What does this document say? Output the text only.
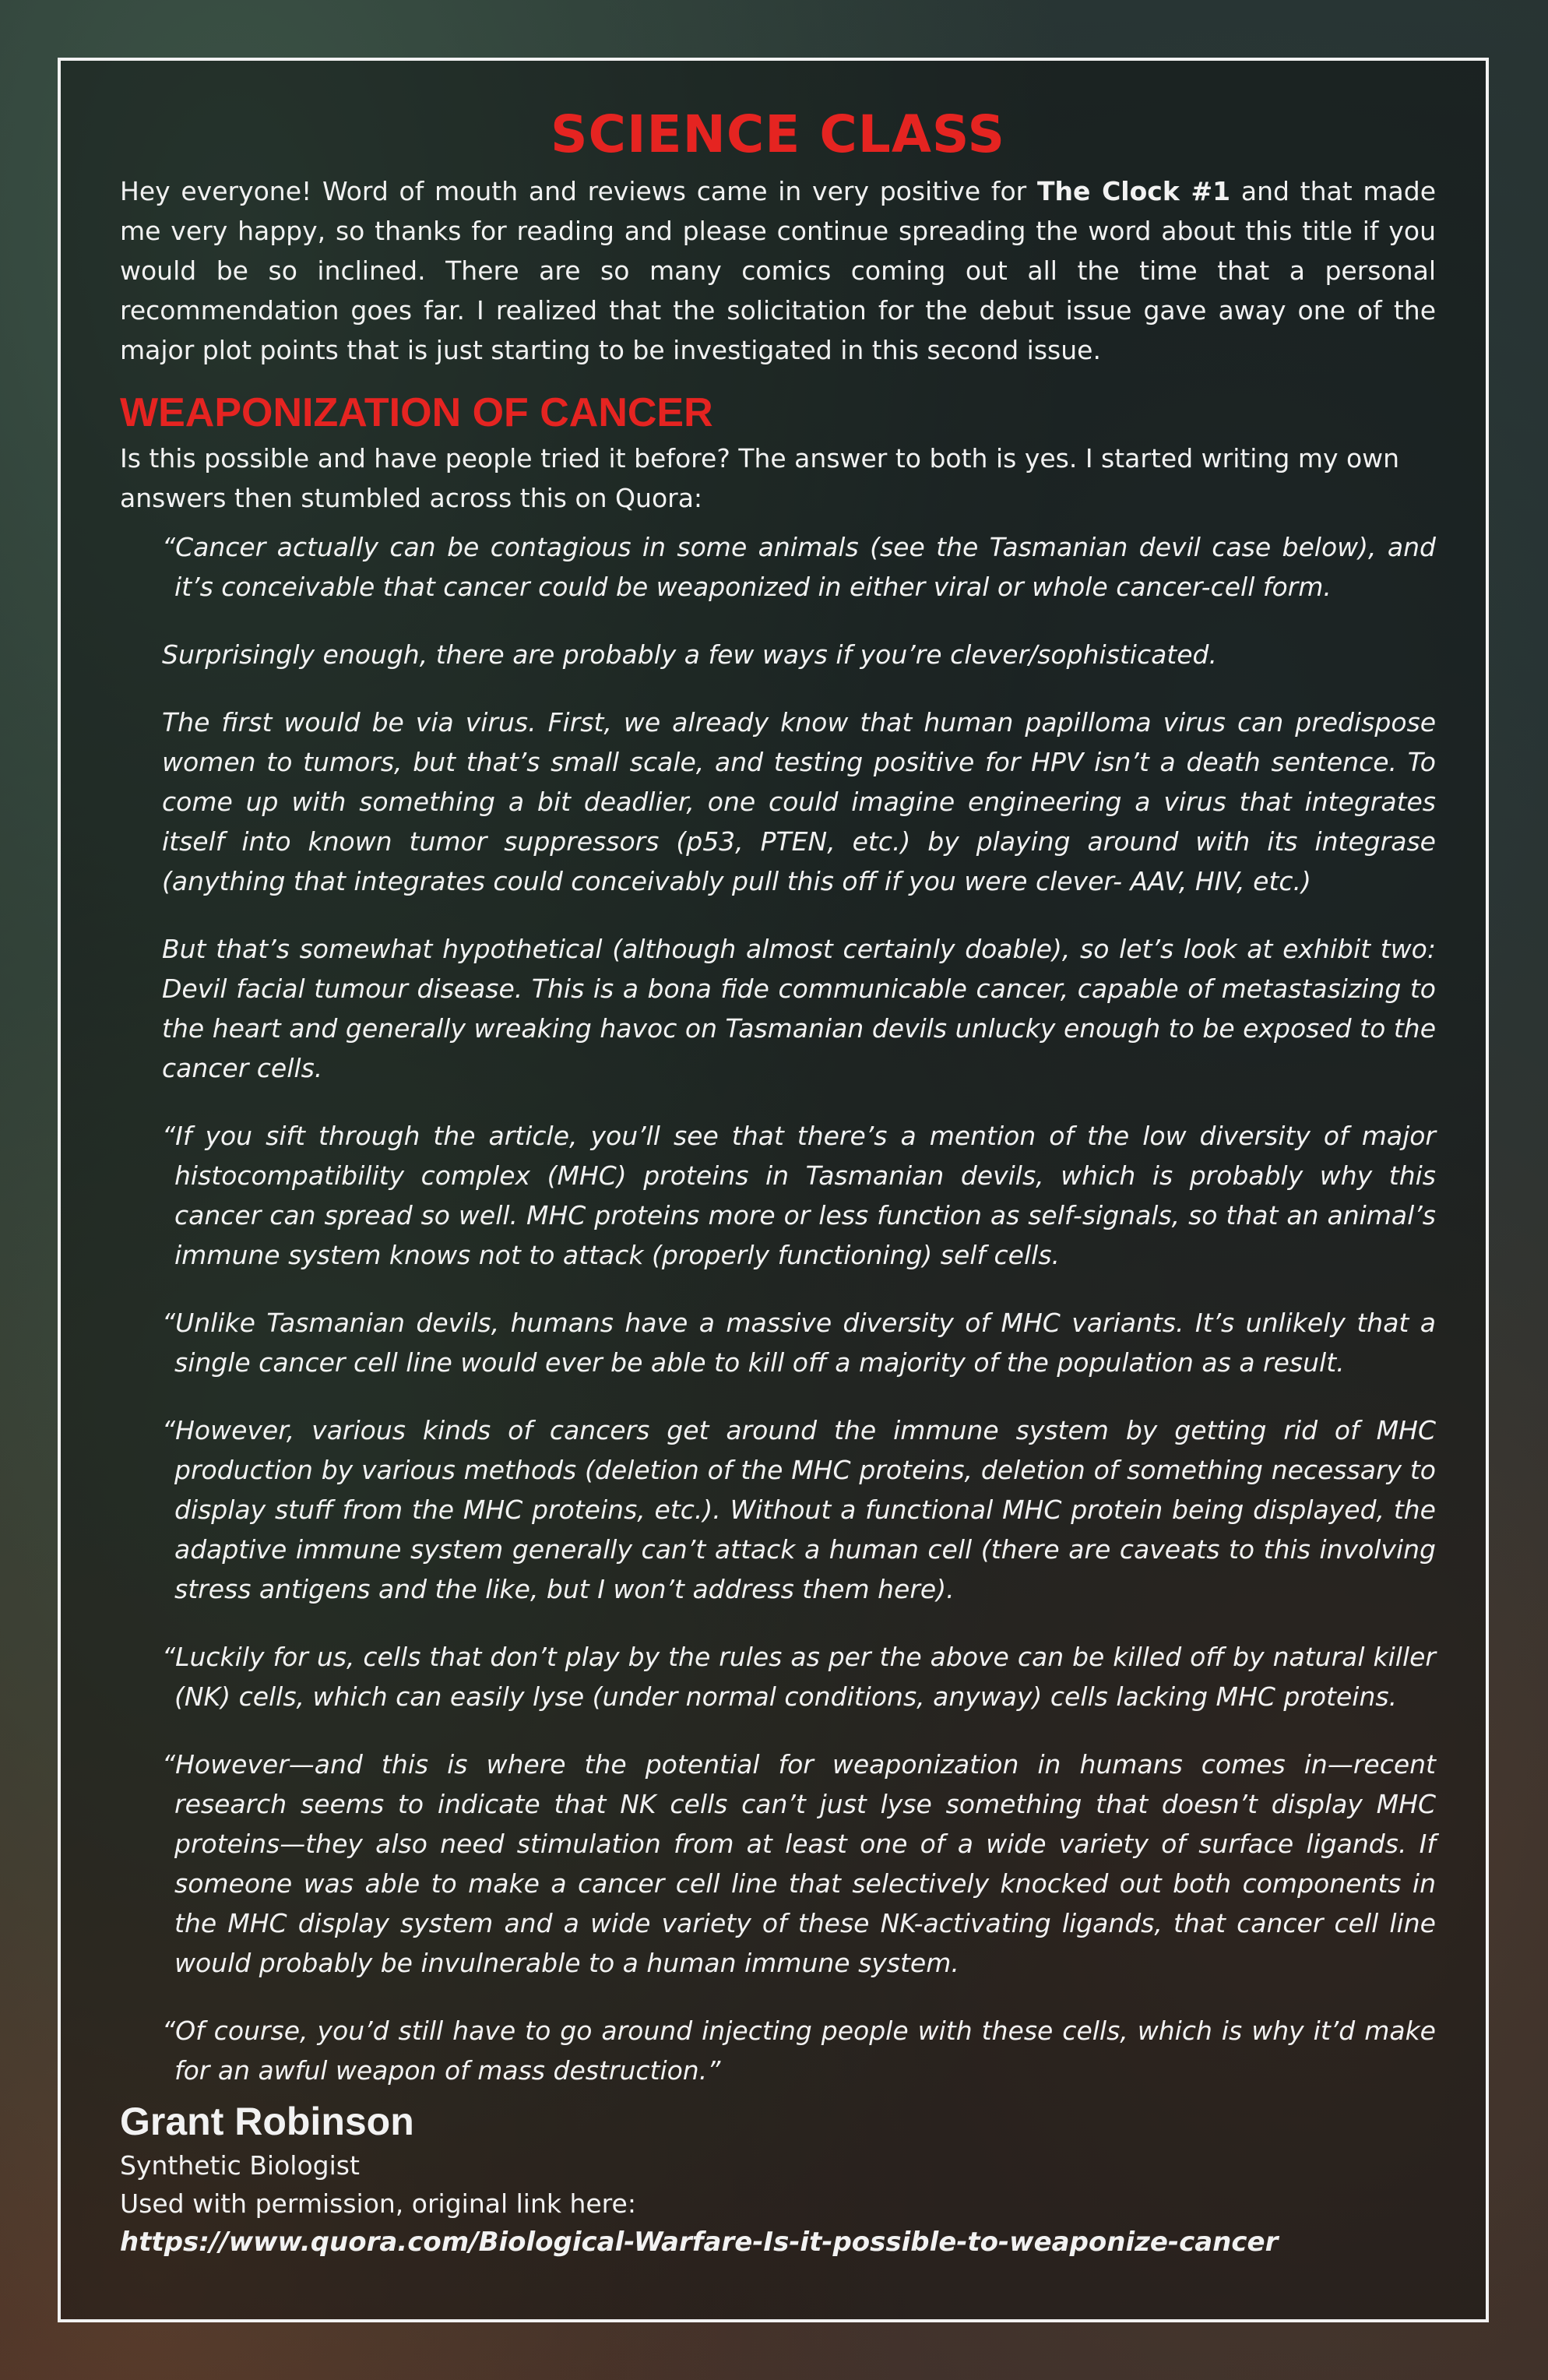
SCIENCE CLASS

Hey everyone! Word of mouth and reviews came in very positive for The Clock #1 and that made me very happy, so thanks for reading and please continue spreading the word about this title if you would be so inclined. There are so many comics coming out all the time that a personal recommendation goes far. I realized that the solicitation for the debut issue gave away one of the major plot points that is just starting to be investigated in this second issue.

WEAPONIZATION OF CANCER

Is this possible and have people tried it before? The answer to both is yes. I started writing my own answers then stumbled across this on Quora:

“Cancer actually can be contagious in some animals (see the Tasmanian devil case below), and it’s conceivable that cancer could be weaponized in either viral or whole cancer-cell form.

Surprisingly enough, there are probably a few ways if you’re clever/sophisticated.

The first would be via virus. First, we already know that human papilloma virus can predispose women to tumors, but that’s small scale, and testing positive for HPV isn’t a death sentence. To come up with something a bit deadlier, one could imagine engineering a virus that integrates itself into known tumor suppressors (p53, PTEN, etc.) by playing around with its integrase (anything that integrates could conceivably pull this off if you were clever- AAV, HIV, etc.)

But that’s somewhat hypothetical (although almost certainly doable), so let’s look at exhibit two: Devil facial tumour disease. This is a bona fide communicable cancer, capable of metastasizing to the heart and generally wreaking havoc on Tasmanian devils unlucky enough to be exposed to the cancer cells.

“If you sift through the article, you’ll see that there’s a mention of the low diversity of major histocompatibility complex (MHC) proteins in Tasmanian devils, which is probably why this cancer can spread so well. MHC proteins more or less function as self-signals, so that an animal’s immune system knows not to attack (properly functioning) self cells.

“Unlike Tasmanian devils, humans have a massive diversity of MHC variants. It’s unlikely that a single cancer cell line would ever be able to kill off a majority of the population as a result.

“However, various kinds of cancers get around the immune system by getting rid of MHC production by various methods (deletion of the MHC proteins, deletion of something necessary to display stuff from the MHC proteins, etc.). Without a functional MHC protein being displayed, the adaptive immune system generally can’t attack a human cell (there are caveats to this involving stress antigens and the like, but I won’t address them here).

“Luckily for us, cells that don’t play by the rules as per the above can be killed off by natural killer (NK) cells, which can easily lyse (under normal conditions, anyway) cells lacking MHC proteins.

“However—and this is where the potential for weaponization in humans comes in—recent research seems to indicate that NK cells can’t just lyse something that doesn’t display MHC proteins—they also need stimulation from at least one of a wide variety of surface ligands. If someone was able to make a cancer cell line that selectively knocked out both components in the MHC display system and a wide variety of these NK-activating ligands, that cancer cell line would probably be invulnerable to a human immune system.

“Of course, you’d still have to go around injecting people with these cells, which is why it’d make for an awful weapon of mass destruction.”

Grant Robinson

Synthetic Biologist

Used with permission, original link here:

https://www.quora.com/Biological-Warfare-Is-it-possible-to-weaponize-cancer
